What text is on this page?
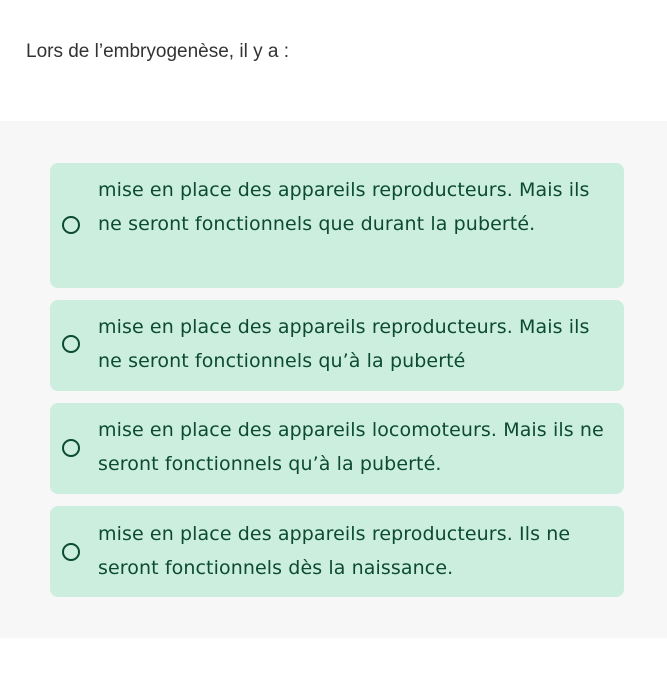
Lors de l’embryogenèse, il y a :
mise en place des appareils reproducteurs. Mais ils ne seront fonctionnels que durant la puberté.
mise en place des appareils reproducteurs. Mais ils ne seront fonctionnels qu’à la puberté
mise en place des appareils locomoteurs. Mais ils ne seront fonctionnels qu’à la puberté.
mise en place des appareils reproducteurs. Ils ne seront fonctionnels dès la naissance.
